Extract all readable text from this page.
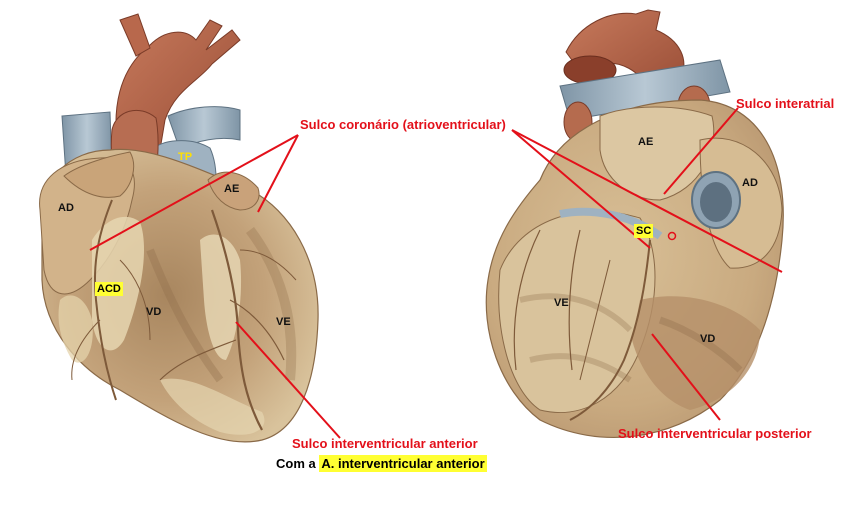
TP
AD
AE
ACD
VD
VE
AE
AD
SC
VE
VD
Sulco coronário (atrioventricular)
Sulco interatrial
Sulco interventricular anterior
Sulco interventricular posterior
Com a A. interventricular anterior
